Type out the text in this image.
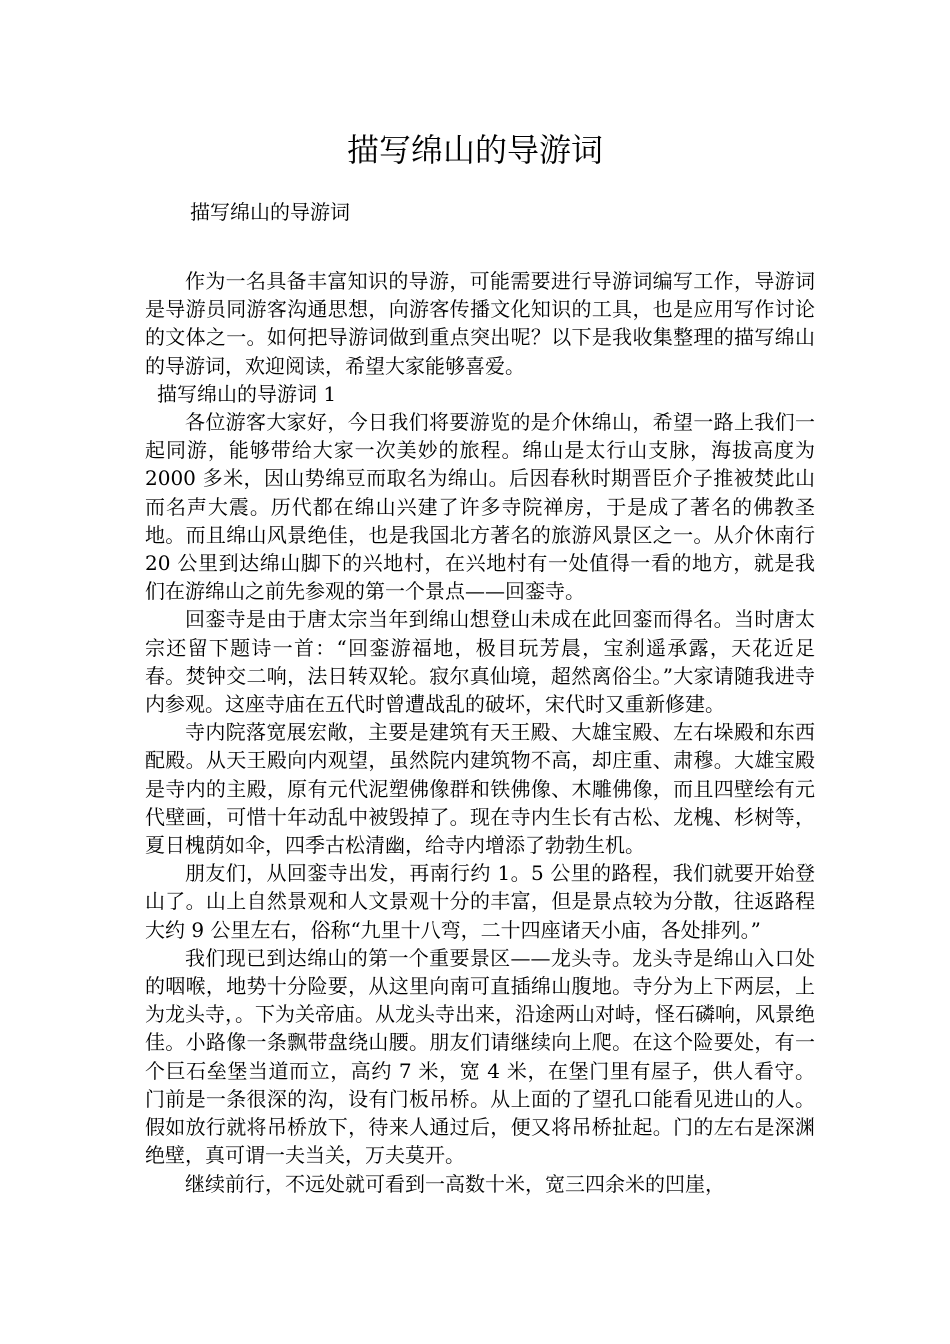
描写绵山的导游词
描写绵山的导游词

作为一名具备丰富知识的导游，可能需要进行导游词编写工作，导游词是导游员同游客沟通思想，向游客传播文化知识的工具，也是应用写作讨论的文体之一。如何把导游词做到重点突出呢？以下是我收集整理的描写绵山的导游词，欢迎阅读，希望大家能够喜爱。

描写绵山的导游词 1

各位游客大家好，今日我们将要游览的是介休绵山，希望一路上我们一起同游，能够带给大家一次美妙的旅程。绵山是太行山支脉，海拔高度为 2000 多米，因山势绵豆而取名为绵山。后因春秋时期晋臣介子推被焚此山而名声大震。历代都在绵山兴建了许多寺院禅房，于是成了著名的佛教圣地。而且绵山风景绝佳，也是我国北方著名的旅游风景区之一。从介休南行 20 公里到达绵山脚下的兴地村，在兴地村有一处值得一看的地方，就是我们在游绵山之前先参观的第一个景点——回銮寺。

回銮寺是由于唐太宗当年到绵山想登山未成在此回銮而得名。当时唐太宗还留下题诗一首：“回銮游福地，极目玩芳晨，宝刹遥承露，天花近足春。焚钟交二响，法日转双轮。寂尔真仙境，超然离俗尘。”大家请随我进寺内参观。这座寺庙在五代时曾遭战乱的破坏，宋代时又重新修建。

寺内院落宽展宏敞，主要是建筑有天王殿、大雄宝殿、左右垛殿和东西配殿。从天王殿向内观望，虽然院内建筑物不高，却庄重、肃穆。大雄宝殿是寺内的主殿，原有元代泥塑佛像群和铁佛像、木雕佛像，而且四壁绘有元代壁画，可惜十年动乱中被毁掉了。现在寺内生长有古松、龙槐、杉树等，夏日槐荫如伞，四季古松清幽，给寺内增添了勃勃生机。

朋友们，从回銮寺出发，再南行约 1。5 公里的路程，我们就要开始登山了。山上自然景观和人文景观十分的丰富，但是景点较为分散，往返路程大约 9 公里左右，俗称“九里十八弯，二十四座诸天小庙，各处排列。”

我们现已到达绵山的第一个重要景区——龙头寺。龙头寺是绵山入口处的咽喉，地势十分险要，从这里向南可直插绵山腹地。寺分为上下两层，上为龙头寺，。下为关帝庙。从龙头寺出来，沿途两山对峙，怪石磷响，风景绝佳。小路像一条飘带盘绕山腰。朋友们请继续向上爬。在这个险要处，有一个巨石垒堡当道而立，高约 7 米，宽 4 米，在堡门里有屋子，供人看守。门前是一条很深的沟，设有门板吊桥。从上面的了望孔口能看见进山的人。假如放行就将吊桥放下，待来人通过后，便又将吊桥扯起。门的左右是深渊绝壁，真可谓一夫当关，万夫莫开。

继续前行，不远处就可看到一高数十米，宽三四余米的凹崖，
